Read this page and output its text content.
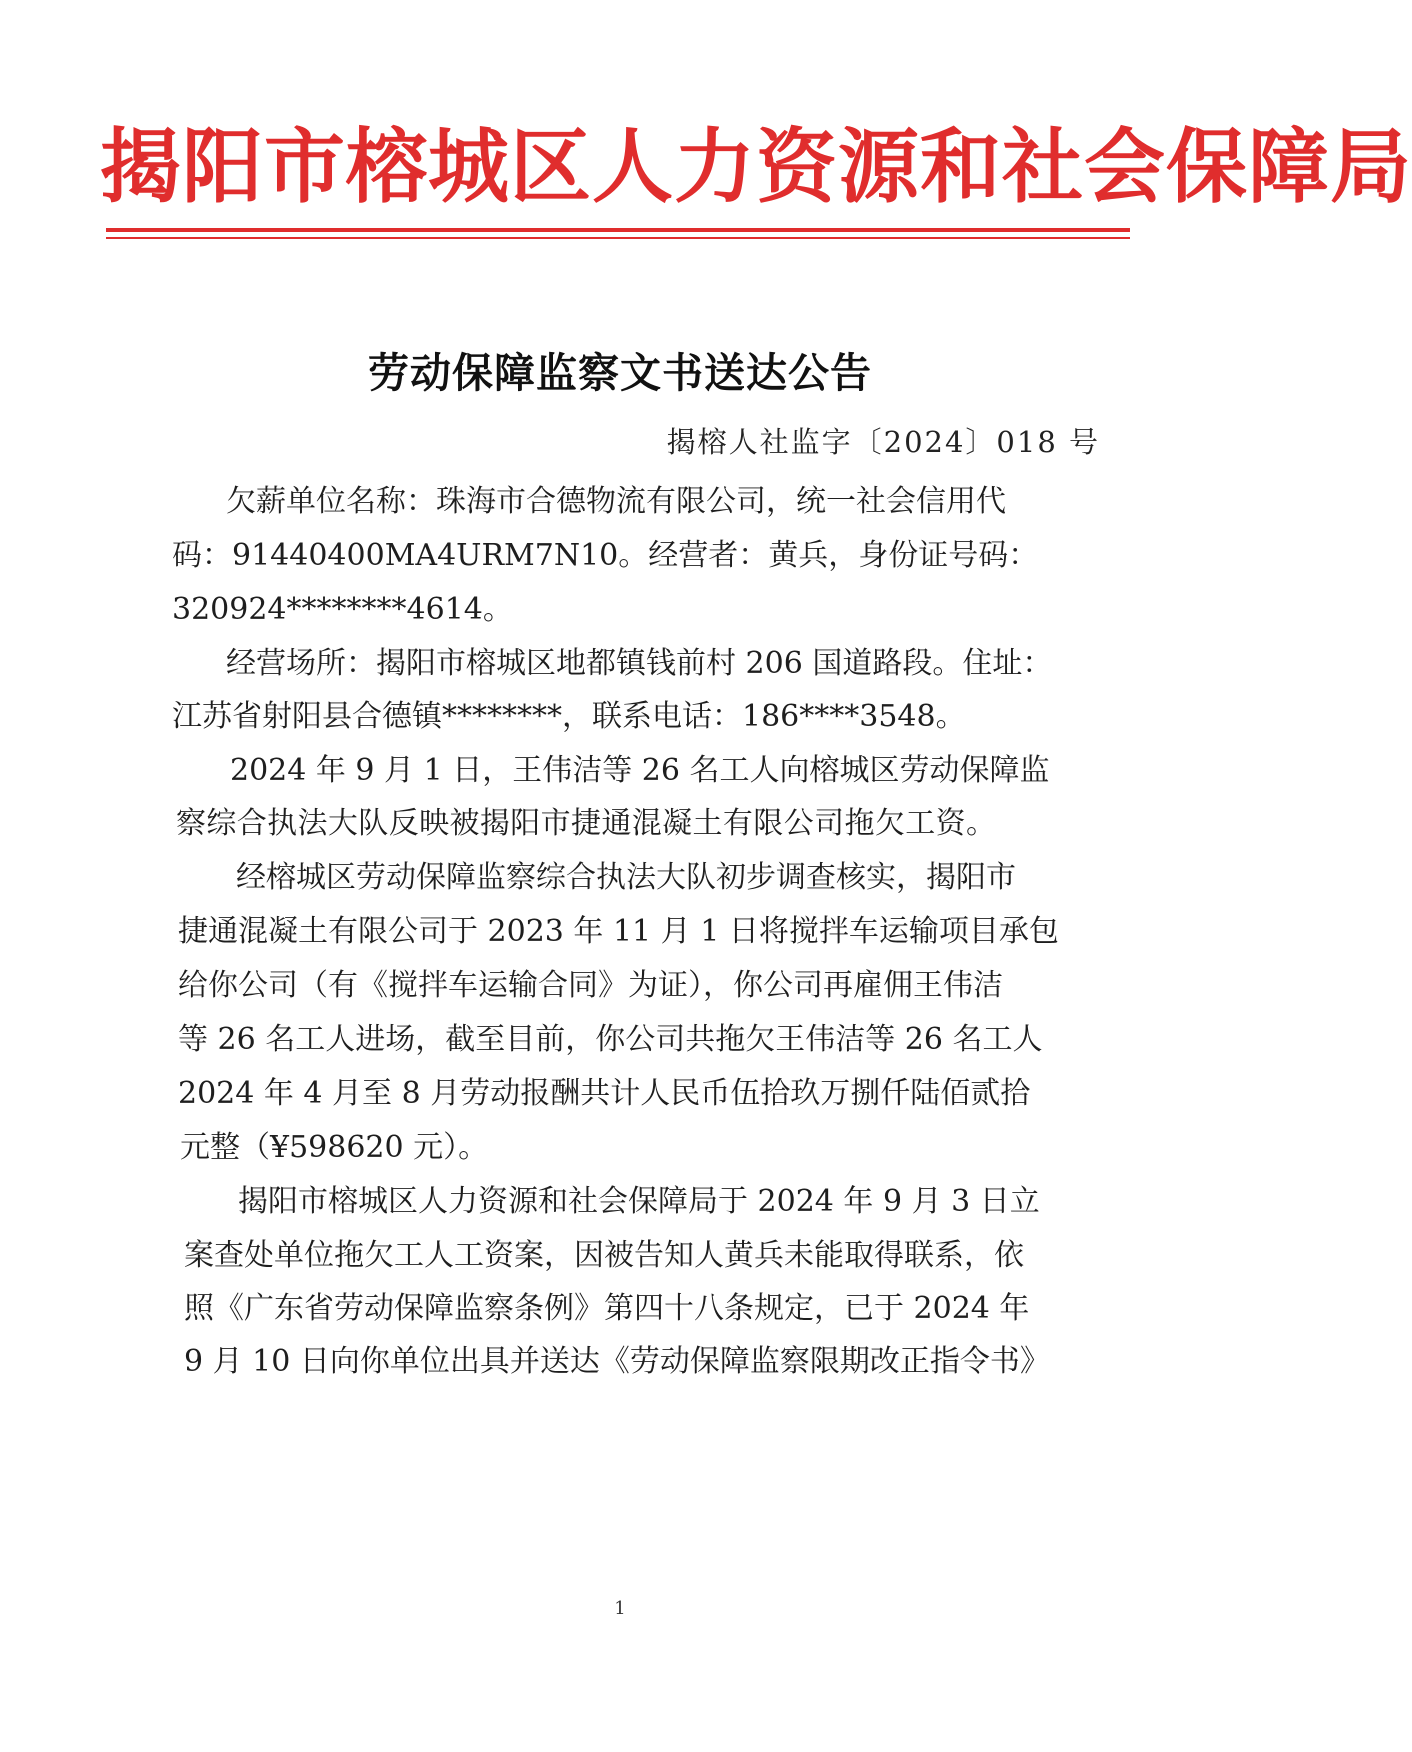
揭阳市榕城区人力资源和社会保障局
劳动保障监察文书送达公告
揭榕人社监字〔2024〕018 号
欠薪单位名称：珠海市合德物流有限公司，统一社会信用代
码：91440400MA4URM7N10。经营者：黄兵，身份证号码：
320924********4614。
经营场所：揭阳市榕城区地都镇钱前村 206 国道路段。住址：
江苏省射阳县合德镇********，联系电话：186****3548。
2024 年 9 月 1 日，王伟洁等 26 名工人向榕城区劳动保障监
察综合执法大队反映被揭阳市捷通混凝土有限公司拖欠工资。
经榕城区劳动保障监察综合执法大队初步调查核实，揭阳市
捷通混凝土有限公司于 2023 年 11 月 1 日将搅拌车运输项目承包
给你公司（有《搅拌车运输合同》为证），你公司再雇佣王伟洁
等 26 名工人进场，截至目前，你公司共拖欠王伟洁等 26 名工人
2024 年 4 月至 8 月劳动报酬共计人民币伍拾玖万捌仟陆佰贰拾
元整（¥598620 元）。
揭阳市榕城区人力资源和社会保障局于 2024 年 9 月 3 日立
案查处单位拖欠工人工资案，因被告知人黄兵未能取得联系，依
照《广东省劳动保障监察条例》第四十八条规定，已于 2024 年
9 月 10 日向你单位出具并送达《劳动保障监察限期改正指令书》
1
